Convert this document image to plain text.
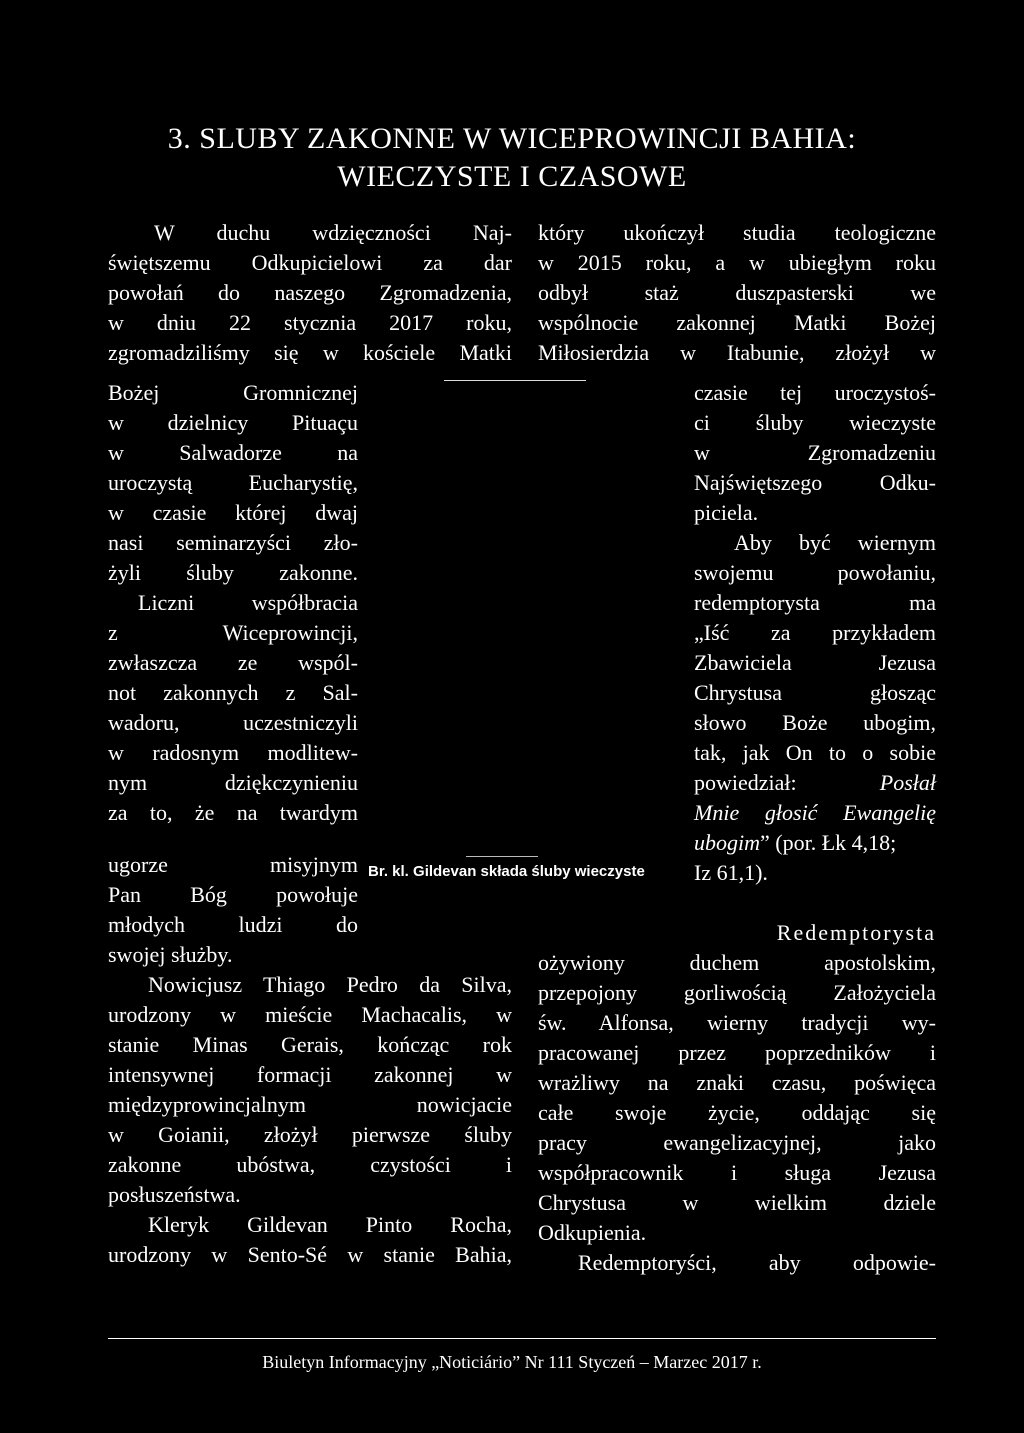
3. SLUBY ZAKONNE W WICEPROWINCJI BAHIA:
WIECZYSTE I CZASOWE

W duchu wdzięczności Naj-

świętszemu Odkupicielowi za dar

powołań do naszego Zgromadzenia,

w dniu 22 stycznia 2017 roku,

zgromadziliśmy się w kościele Matki

Bożej Gromnicznej

w dzielnicy Pituaçu

w Salwadorze na

uroczystą Eucharystię,

w czasie której dwaj

nasi seminarzyści zło-

żyli śluby zakonne.

Liczni współbracia

z Wiceprowincji,

zwłaszcza ze wspól-

not zakonnych z Sal-

wadoru, uczestniczyli

w radosnym modlitew-

nym dziękczynieniu

za to, że na twardym

ugorze misyjnym

Pan Bóg powołuje

młodych ludzi do

swojej służby.

Nowicjusz Thiago Pedro da Silva,

urodzony w mieście Machacalis, w

stanie Minas Gerais, kończąc rok

intensywnej formacji zakonnej w

międzyprowincjalnym nowicjacie

w Goianii, złożył pierwsze śluby

zakonne ubóstwa, czystości i

posłuszeństwa.

Kleryk Gildevan Pinto Rocha,

urodzony w Sento-Sé w stanie Bahia,

Br. kl. Gildevan składa śluby wieczyste

który ukończył studia teologiczne

w 2015 roku, a w ubiegłym roku

odbył staż duszpasterski we

wspólnocie zakonnej Matki Bożej

Miłosierdzia w Itabunie, złożył w

czasie tej uroczystoś-

ci śluby wieczyste

w Zgromadzeniu

Najświętszego Odku-

piciela.

Aby być wiernym

swojemu powołaniu,

redemptorysta ma

„Iść za przykładem

Zbawiciela Jezusa

Chrystusa głosząc

słowo Boże ubogim,

tak, jak On to o sobie

powiedział:	Posłał

Mnie głosić Ewangelię

ubogim” (por. Łk 4,18;

Iz 61,1).

Redemptorysta

ożywiony duchem apostolskim,

przepojony gorliwością Założyciela

św. Alfonsa, wierny tradycji wy-

pracowanej przez poprzedników i

wrażliwy na znaki czasu, poświęca

całe swoje życie, oddając się

pracy ewangelizacyjnej, jako

współpracownik i sługa Jezusa

Chrystusa w wielkim dziele

Odkupienia.

Redemptoryści, aby odpowie-

Biuletyn Informacyjny „Noticiário” Nr 111 Styczeń – Marzec 2017 r.
